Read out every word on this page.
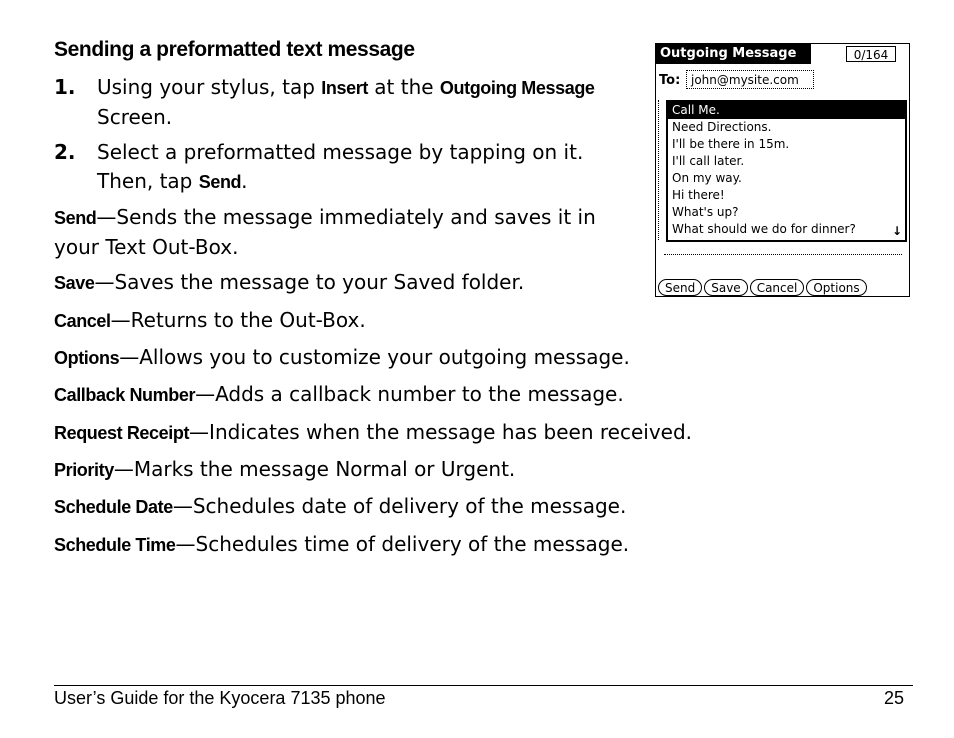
Sending a preformatted text message
1. Using your stylus, tap Insert at the Outgoing Message
Screen.
2. Select a preformatted message by tapping on it. Then, tap Send.
Send—Sends the message immediately and saves it in your Text Out-Box.
Save—Saves the message to your Saved folder.
Cancel—Returns to the Out-Box.
Options—Allows you to customize your outgoing message.
Callback Number—Adds a callback number to the message.
Request Receipt—Indicates when the message has been received.
Priority—Marks the message Normal or Urgent.
Schedule Date—Schedules date of delivery of the message.
Schedule Time—Schedules time of delivery of the message.
Outgoing Message	0/164
To: john@mysite.com
Call Me.
Need Directions.
I'll be there in 15m.
I'll call later.
On my way.
Hi there!
What's up?
What should we do for dinner?	↓
Send Save Cancel Options
User’s Guide for the Kyocera 7135 phone	25
